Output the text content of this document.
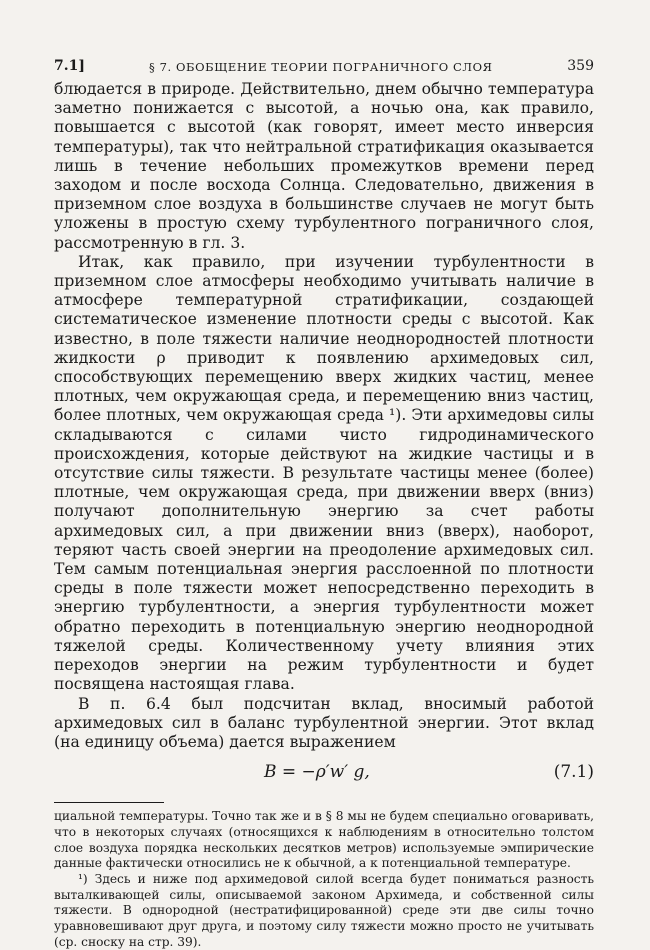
7.1]	§ 7. ОБОБЩЕНИЕ ТЕОРИИ ПОГРАНИЧНОГО СЛОЯ	359

блюдается в природе. Действительно, днем обычно температура заметно понижается с высотой, а ночью она, как правило, повышается с высотой (как говорят, имеет место инверсия температуры), так что нейтральной стратификация оказывается лишь в течение небольших промежутков времени перед заходом и после восхода Солнца. Следовательно, движения в приземном слое воздуха в большинстве случаев не могут быть уложены в простую схему турбулентного пограничного слоя, рассмотренную в гл. 3.

Итак, как правило, при изучении турбулентности в приземном слое атмосферы необходимо учитывать наличие в атмосфере температурной стратификации, создающей систематическое изменение плотности среды с высотой. Как известно, в поле тяжести наличие неоднородностей плотности жидкости ρ приводит к появлению архимедовых сил, способствующих перемещению вверх жидких частиц, менее плотных, чем окружающая среда, и перемещению вниз частиц, более плотных, чем окружающая среда ¹). Эти архимедовы силы складываются с силами чисто гидродинамического происхождения, которые действуют на жидкие частицы и в отсутствие силы тяжести. В результате частицы менее (более) плотные, чем окружающая среда, при движении вверх (вниз) получают дополнительную энергию за счет работы архимедовых сил, а при движении вниз (вверх), наоборот, теряют часть своей энергии на преодоление архимедовых сил. Тем самым потенциальная энергия расслоенной по плотности среды в поле тяжести может непосредственно переходить в энергию турбулентности, а энергия турбулентности может обратно переходить в потенциальную энергию неоднородной тяжелой среды. Количественному учету влияния этих переходов энергии на режим турбулентности и будет посвящена настоящая глава.

В п. 6.4 был подсчитан вклад, вносимый работой архимедовых сил в баланс турбулентной энергии. Этот вклад (на единицу объема) дается выражением

B = −ρ′w′ g,	(7.1)

циальной температуры. Точно так же и в § 8 мы не будем специально оговаривать, что в некоторых случаях (относящихся к наблюдениям в относительно толстом слое воздуха порядка нескольких десятков метров) используемые эмпирические данные фактически относились не к обычной, а к потенциальной температуре.

¹) Здесь и ниже под архимедовой силой всегда будет пониматься разность выталкивающей силы, описываемой законом Архимеда, и собственной силы тяжести. В однородной (нестратифицированной) среде эти две силы точно уравновешивают друг друга, и поэтому силу тяжести можно просто не учитывать (ср. сноску на стр. 39).
